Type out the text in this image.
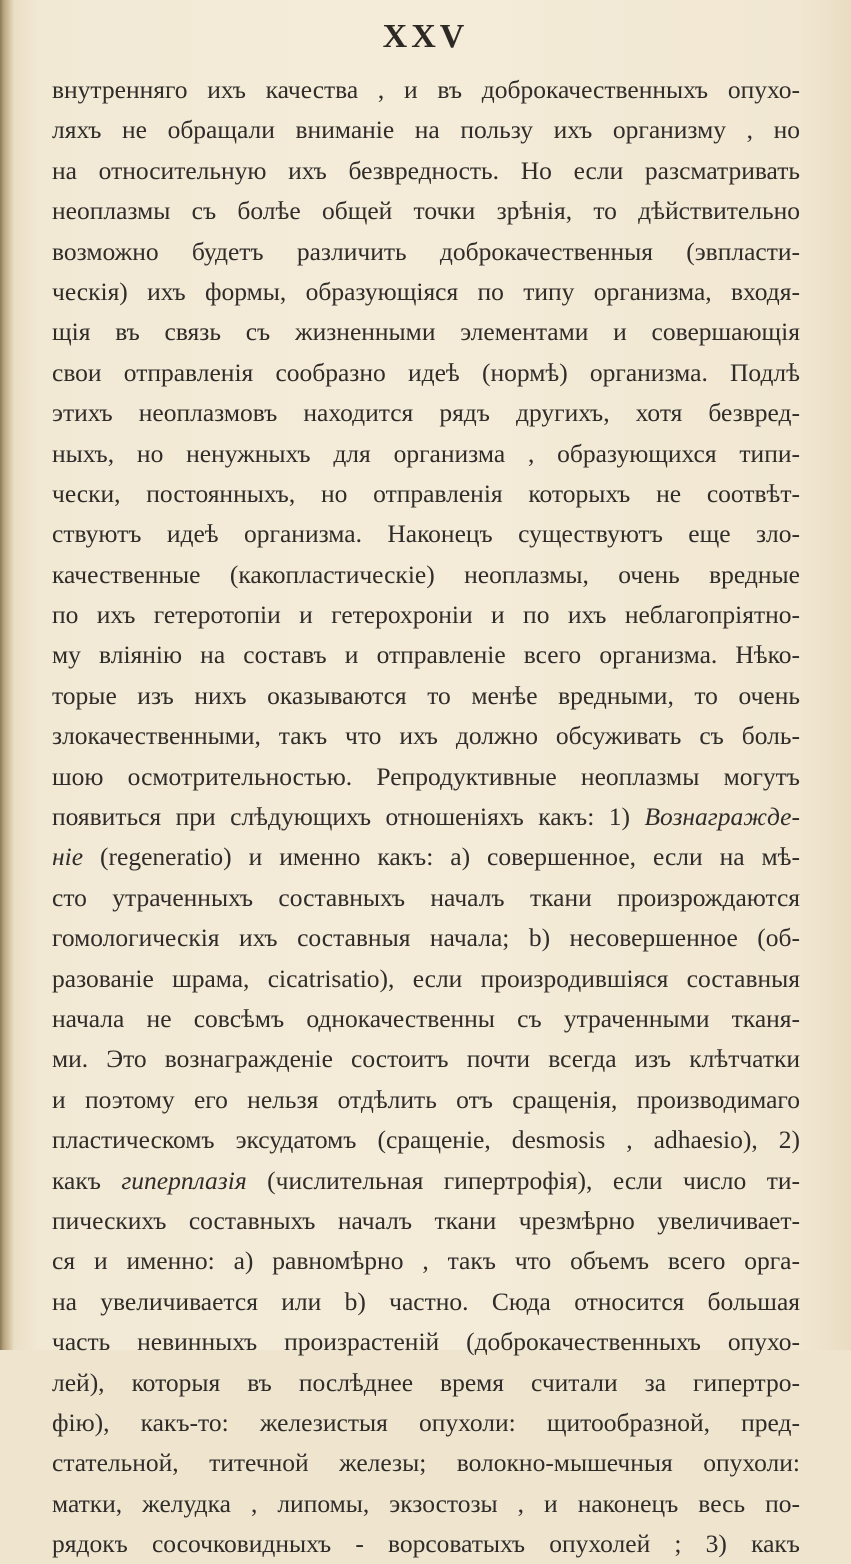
XXV
внутренняго ихъ качества , и въ доброкачественныхъ опухо-
ляхъ не обращали вниманіе на пользу ихъ организму , но
на относительную ихъ безвредность. Но если разсматривать
неоплазмы съ болѣе общей точки зрѣнія, то дѣйствительно
возможно будетъ различить доброкачественныя (эвпласти-
ческія) ихъ формы, образующіяся по типу организма, входя-
щія въ связь съ жизненными элементами и совершающія
свои отправленія сообразно идеѣ (нормѣ) организма. Подлѣ
этихъ неоплазмовъ находится рядъ другихъ, хотя безвред-
ныхъ, но ненужныхъ для организма , образующихся типи-
чески, постоянныхъ, но отправленія которыхъ не соотвѣт-
ствуютъ идеѣ организма. Наконецъ существуютъ еще зло-
качественные (какопластическіе) неоплазмы, очень вредные
по ихъ гетеротопіи и гетерохроніи и по ихъ неблагопріятно-
му вліянію на составъ и отправленіе всего организма. Нѣко-
торые изъ нихъ оказываются то менѣе вредными, то очень
злокачественными, такъ что ихъ должно обсуживать съ боль-
шою осмотрительностью. Репродуктивные неоплазмы могутъ
появиться при слѣдующихъ отношеніяхъ какъ: 1) Вознагражде-
ніе (regeneratio) и именно какъ: a) совершенное, если на мѣ-
сто утраченныхъ составныхъ началъ ткани произрождаются
гомологическія ихъ составныя начала; b) несовершенное (об-
разованіе шрама, cicatrisatio), если произродившіяся составныя
начала не совсѣмъ однокачественны съ утраченными тканя-
ми. Это вознагражденіе состоитъ почти всегда изъ клѣтчатки
и поэтому его нельзя отдѣлить отъ сращенія, производимаго
пластическомъ эксудатомъ (сращеніе, desmosis , adhaesio), 2)
какъ гиперплазія (числительная гипертрофія), если число ти-
пическихъ составныхъ началъ ткани чрезмѣрно увеличивает-
ся и именно: a) равномѣрно , такъ что объемъ всего орга-
на увеличивается или b) частно. Сюда относится большая
часть невинныхъ произрастеній (доброкачественныхъ опухо-
лей), которыя въ послѣднее время считали за гипертро-
фію), какъ-то: железистыя опухоли: щитообразной, пред-
стательной, титечной железы; волокно-мышечныя опухоли:
матки, желудка , липомы, экзостозы , и наконецъ весь по-
рядокъ сосочковидныхъ - ворсоватыхъ опухолей ; 3) какъ
